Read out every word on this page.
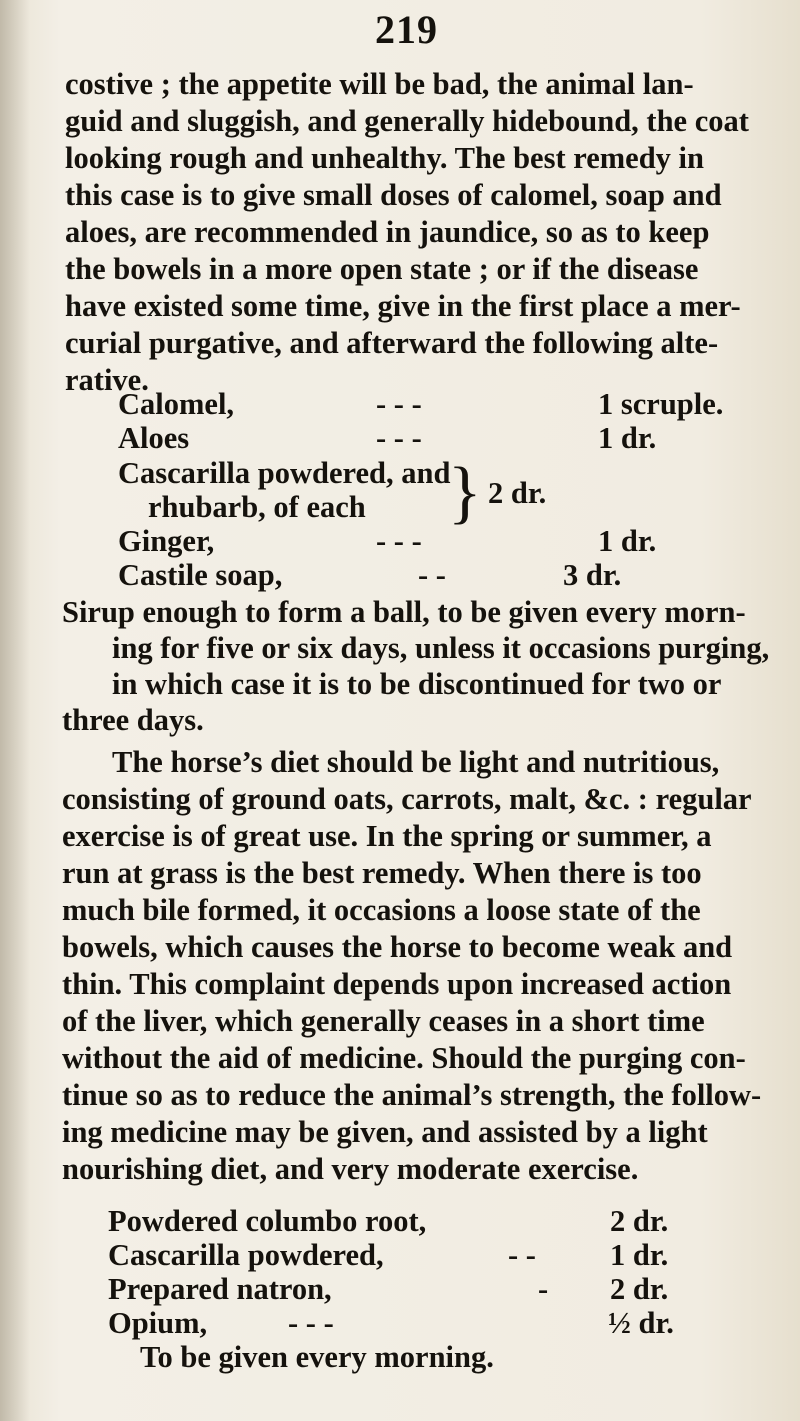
219
costive ; the appetite will be bad, the animal lan-
guid and sluggish, and generally hidebound, the coat
looking rough and unhealthy. The best remedy in
this case is to give small doses of calomel, soap and
aloes, are recommended in jaundice, so as to keep
the bowels in a more open state ; or if the disease
have existed some time, give in the first place a mer-
curial purgative, and afterward the following alte-
rative.
Calomel,	- - -	1 scruple.
Aloes	- - -	1 dr.
Cascarilla powdered, and
}
rhubarb, of each	2 dr.
Ginger,	- - -	1 dr.
Castile soap,	- -	3 dr.
Sirup enough to form a ball, to be given every morn-
ing for five or six days, unless it occasions purging,
in which case it is to be discontinued for two or
three days.
The horse’s diet should be light and nutritious,
consisting of ground oats, carrots, malt, &c. : regular
exercise is of great use. In the spring or summer, a
run at grass is the best remedy. When there is too
much bile formed, it occasions a loose state of the
bowels, which causes the horse to become weak and
thin. This complaint depends upon increased action
of the liver, which generally ceases in a short time
without the aid of medicine. Should the purging con-
tinue so as to reduce the animal’s strength, the follow-
ing medicine may be given, and assisted by a light
nourishing diet, and very moderate exercise.
Powdered columbo root,	2 dr.
Cascarilla powdered,	- - 1 dr.
Prepared natron,	- 2 dr.
Opium,	- - -	½ dr.
To be given every morning.
